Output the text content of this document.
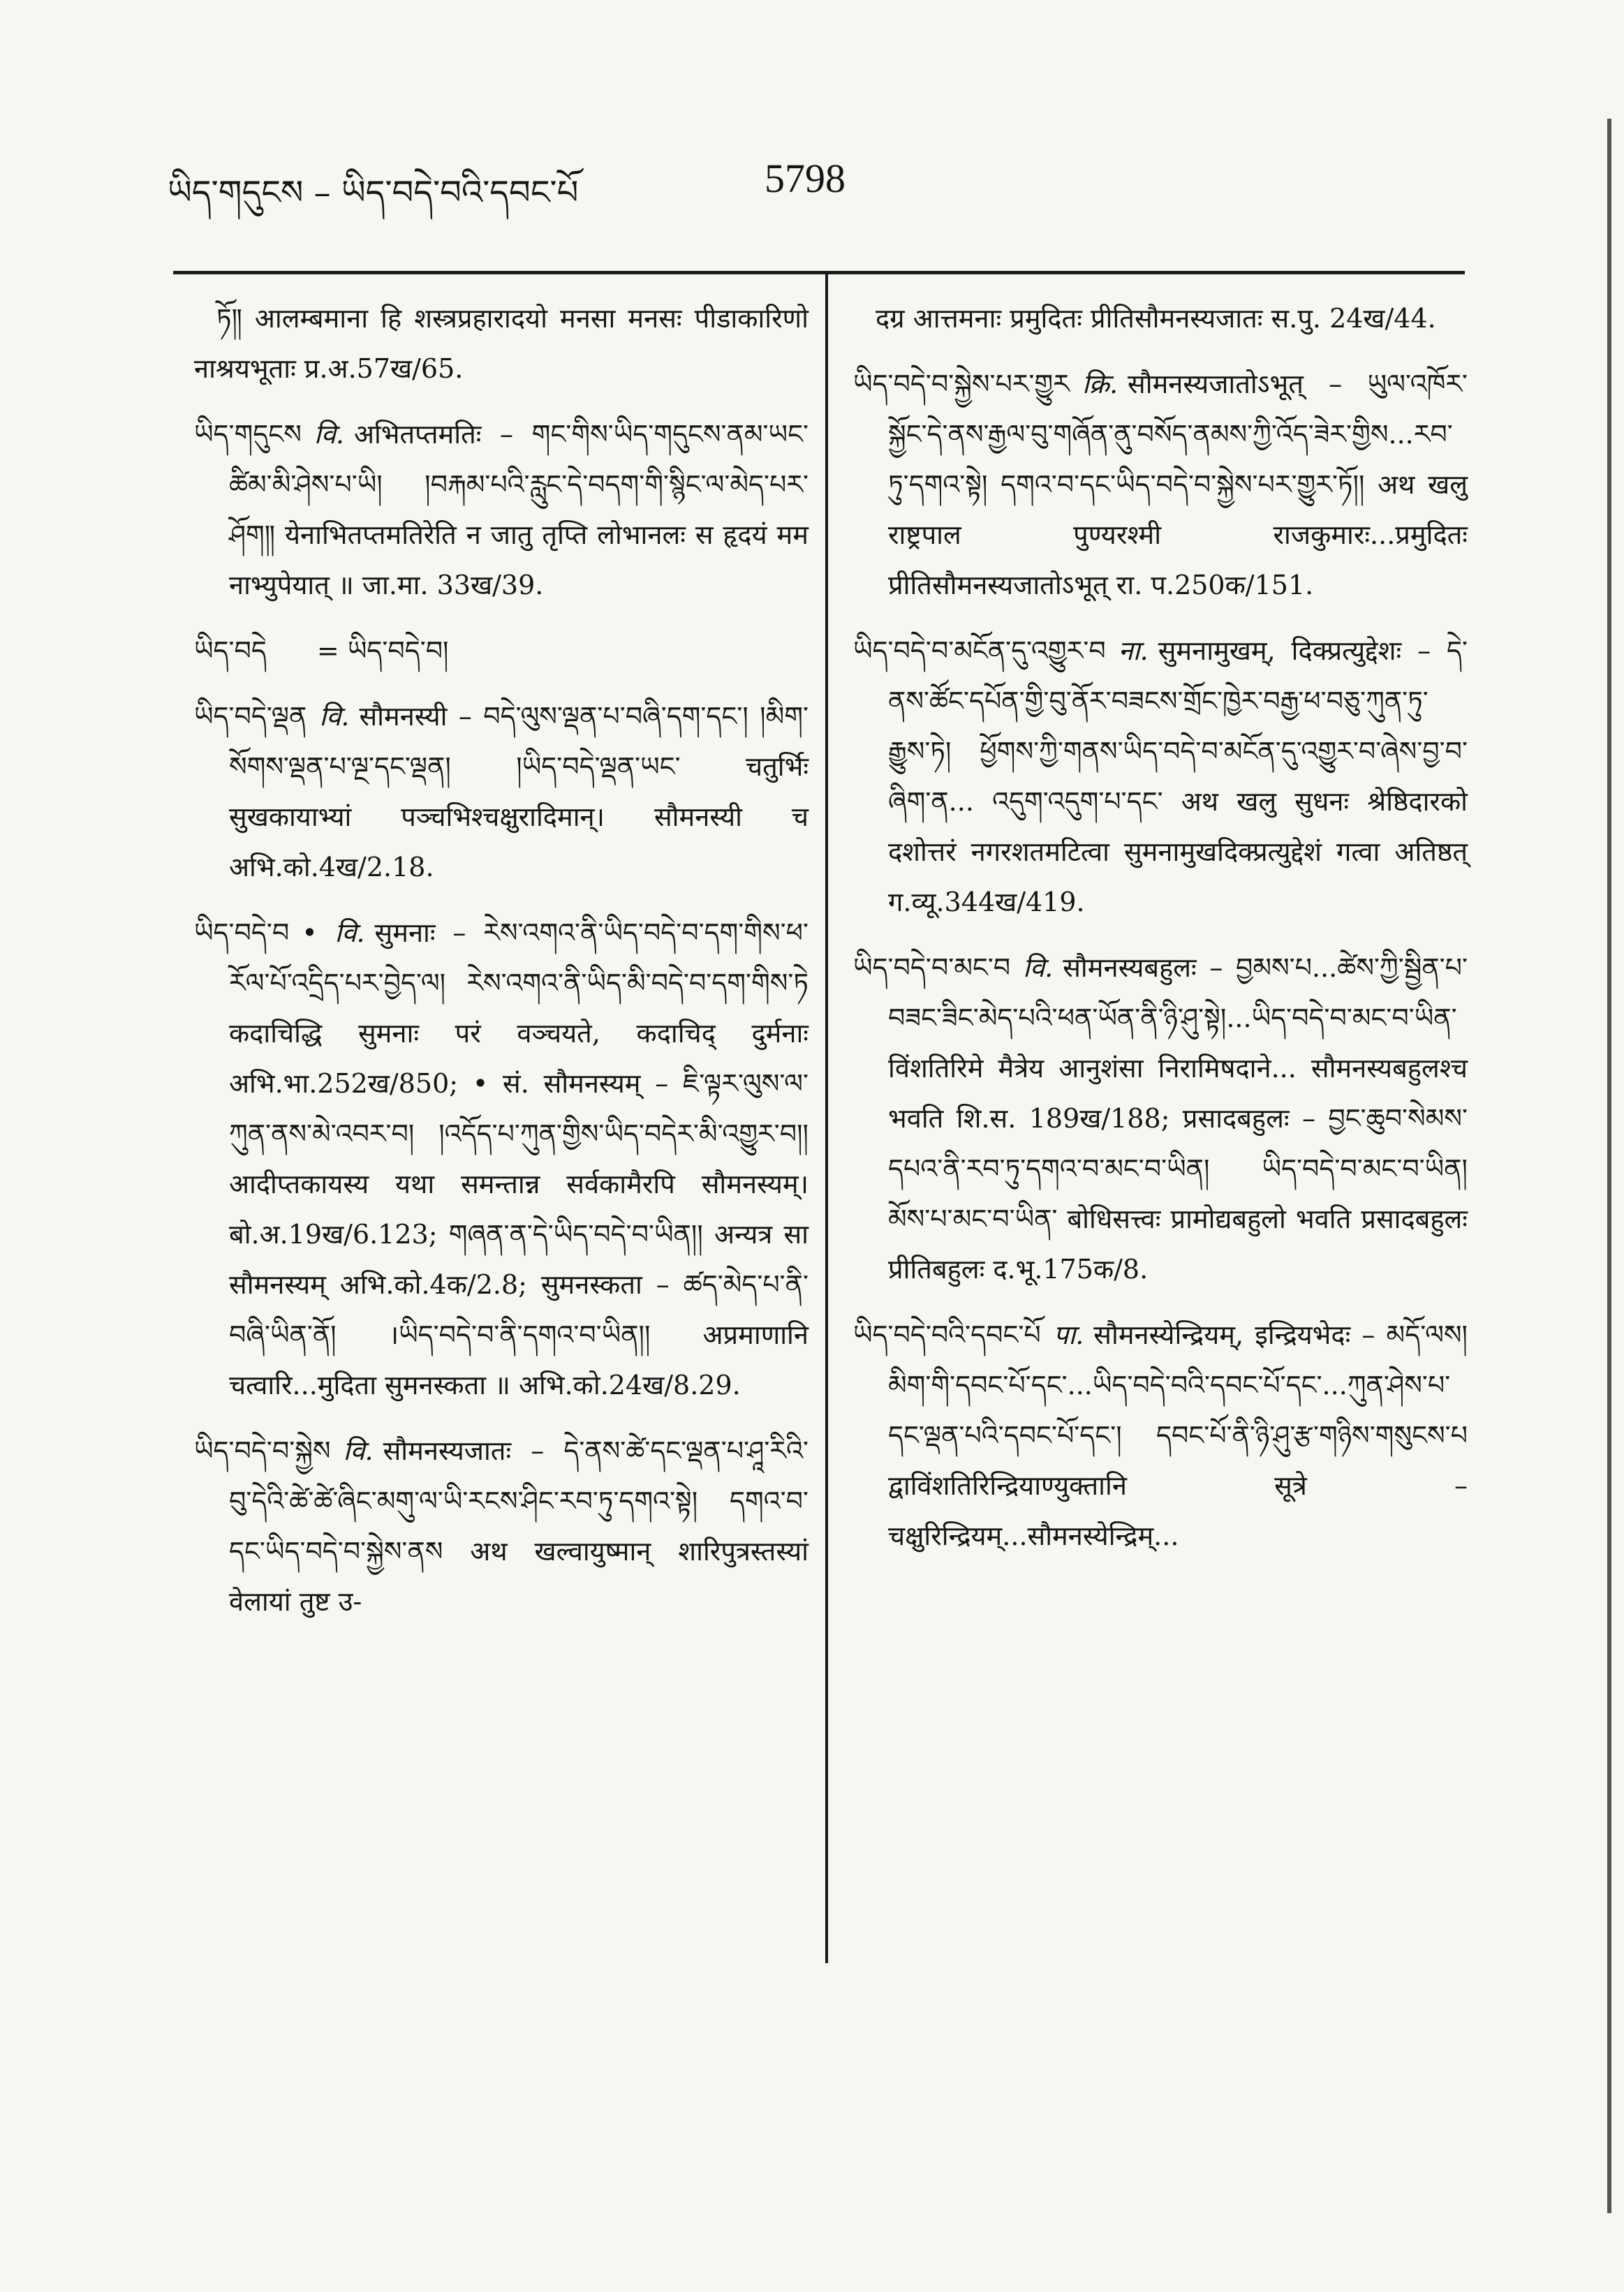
ཡིད་གདུངས – ཡིད་བདེ་བའི་དབང་པོ	5798
ཏོ༎ आलम्बमाना हि शस्त्रप्रहारादयो मनसा मनसः पीडाकारिणो नाश्रयभूताः प्र.अ.57ख/65.
ཡིད་གདུངས वि. अभितप्तमतिः – གང་གིས་ཡིད་གདུངས་ནམ་ཡང་ཚིམ་མི་ཤེས་པ་ཡི། །བརྐམ་པའི་རླུང་དེ་བདག་གི་སྙིང་ལ་མེད་པར་ཤོག༎ येनाभितप्तमतिरेति न जातु तृप्ति लोभानलः स हृदयं मम नाभ्युपेयात् ॥ जा.मा. 33ख/39.
ཡིད་བདེ = ཡིད་བདེ་བ།
ཡིད་བདེ་ལྡན वि. सौमनस्यी – བདེ་ལུས་ལྡན་པ་བཞི་དག་དང་། །མིག་སོགས་ལྡན་པ་ལྔ་དང་ལྡན། །ཡིད་བདེ་ལྡན་ཡང་ चतुर्भिः सुखकायाभ्यां पञ्चभिश्चक्षुरादिमान्। सौमनस्यी च अभि.को.4ख/2.18.
ཡིད་བདེ་བ • वि. सुमनाः – རེས་འགའ་ནི་ཡིད་བདེ་བ་དག་གིས་ཕ་རོལ་པོ་འདྲིད་པར་བྱེད་ལ། རེས་འགའ་ནི་ཡིད་མི་བདེ་བ་དག་གིས་ཏེ कदाचिद्धि सुमनाः परं वञ्चयते, कदाचिद् दुर्मनाः अभि.भा.252ख/850; • सं. सौमनस्यम् – ཇི་ལྟར་ལུས་ལ་ཀུན་ནས་མེ་འབར་བ། །འདོད་པ་ཀུན་གྱིས་ཡིད་བདེར་མི་འགྱུར་བ།། आदीप्तकायस्य यथा समन्तान्न सर्वकामैरपि सौमनस्यम्। बो.अ.19ख/6.123; གཞན་ན་དེ་ཡིད་བདེ་བ་ཡིན།། अन्यत्र सा सौमनस्यम् अभि.को.4क/2.8; सुमनस्कता – ཚད་མེད་པ་ནི་བཞི་ཡིན་ནོ། ।ཡིད་བདེ་བ་ནི་དགའ་བ་ཡིན།། अप्रमाणानि चत्वारि...मुदिता सुमनस्कता ॥ अभि.को.24ख/8.29.
ཡིད་བདེ་བ་སྐྱེས वि. सौमनस्यजातः – དེ་ནས་ཚེ་དང་ལྡན་པ་ཤཱ་རིའི་བུ་དེའི་ཚེ་ཚེ་ཞིང་མགུ་ལ་ཡི་རངས་ཤིང་རབ་ཏུ་དགའ་སྟེ། དགའ་བ་དང་ཡིད་བདེ་བ་སྐྱེས་ནས अथ खल्वायुष्मान् शारिपुत्रस्तस्यां वेलायां तुष्ट उ-
दग्र आत्तमनाः प्रमुदितः प्रीतिसौमनस्यजातः स.पु. 24ख/44.
ཡིད་བདེ་བ་སྐྱེས་པར་གྱུར क्रि. सौमनस्यजातोऽभूत् – ཡུལ་འཁོར་སྐྱོང་དེ་ནས་རྒྱལ་བུ་གཞོན་ནུ་བསོད་ནམས་ཀྱི་འོད་ཟེར་གྱིས...རབ་ཏུ་དགའ་སྟེ། དགའ་བ་དང་ཡིད་བདེ་བ་སྐྱེས་པར་གྱུར་ཏོ།། अथ खलु राष्ट्रपाल पुण्यरश्मी राजकुमारः...प्रमुदितः प्रीतिसौमनस्यजातोऽभूत् रा. प.250क/151.
ཡིད་བདེ་བ་མངོན་དུ་འགྱུར་བ ना. सुमनामुखम्, दिक्प्रत्युद्देशः – དེ་ནས་ཚོང་དཔོན་གྱི་བུ་ནོར་བཟངས་གྲོང་ཁྱེར་བརྒྱ་ཕ་བཅུ་ཀུན་ཏུ་རྒྱུས་ཏེ། ཕྱོགས་ཀྱི་གནས་ཡིད་བདེ་བ་མངོན་དུ་འགྱུར་བ་ཞེས་བྱ་བ་ཞིག་ན... འདུག་འདུག་པ་དང་ अथ खलु सुधनः श्रेष्ठिदारको दशोत्तरं नगरशतमटित्वा सुमनामुखदिक्प्रत्युद्देशं गत्वा अतिष्ठत् ग.व्यू.344ख/419.
ཡིད་བདེ་བ་མང་བ वि. सौमनस्यबहुलः – བྱམས་པ...ཚེས་ཀྱི་སྦྱིན་པ་བཟང་ཟིང་མེད་པའི་ཕན་ཡོན་ནི་ཉི་ཤུ་སྟེ།...ཡིད་བདེ་བ་མང་བ་ཡིན་ विंशतिरिमे मैत्रेय आनुशंसा निरामिषदाने... सौमनस्यबहुलश्च भवति शि.स. 189ख/188; प्रसादबहुलः – བྱང་ཆུབ་སེམས་དཔའ་ནི་རབ་ཏུ་དགའ་བ་མང་བ་ཡིན། ཡིད་བདེ་བ་མང་བ་ཡིན། མོས་པ་མང་བ་ཡིན་ बोधिसत्त्वः प्रामोद्यबहुलो भवति प्रसादबहुलः प्रीतिबहुलः द.भू.175क/8.
ཡིད་བདེ་བའི་དབང་པོ पा. सौमनस्येन्द्रियम्, इन्द्रियभेदः – མདོ་ལས། མིག་གི་དབང་པོ་དང་...ཡིད་བདེ་བའི་དབང་པོ་དང་...ཀུན་ཤེས་པ་དང་ལྡན་པའི་དབང་པོ་དང་། དབང་པོ་ནི་ཉི་ཤུ་རྩ་གཉིས་གསུངས་པ द्वाविंशतिरिन्द्रियाण्युक्तानि सूत्रे – चक्षुरिन्द्रियम्...सौमनस्येन्द्रिम्...
